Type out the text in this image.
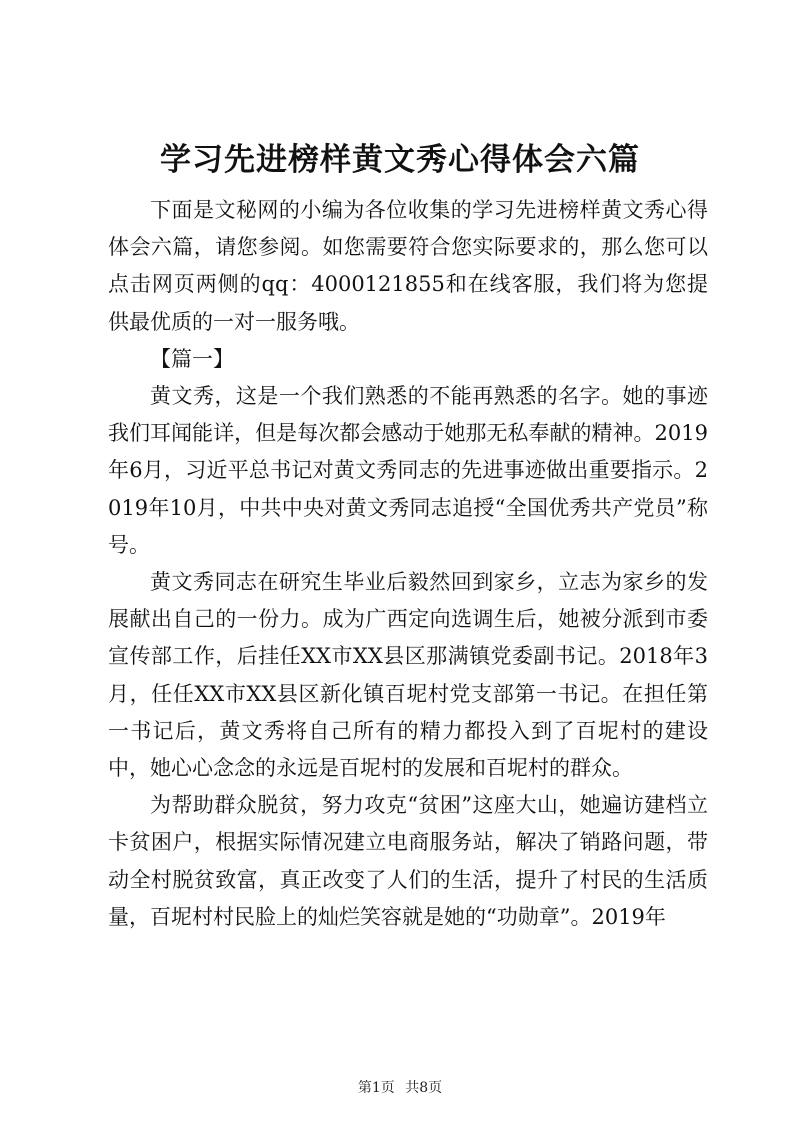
学习先进榜样黄文秀心得体会六篇

下面是文秘网的小编为各位收集的学习先进榜样黄文秀心得体会六篇，请您参阅。如您需要符合您实际要求的，那么您可以点击网页两侧的qq：4000121855和在线客服，我们将为您提供最优质的一对一服务哦。

【篇一】

黄文秀，这是一个我们熟悉的不能再熟悉的名字。她的事迹我们耳闻能详，但是每次都会感动于她那无私奉献的精神。2019年6月，习近平总书记对黄文秀同志的先进事迹做出重要指示。2019年10月，中共中央对黄文秀同志追授“全国优秀共产党员”称号。

黄文秀同志在研究生毕业后毅然回到家乡，立志为家乡的发展献出自己的一份力。成为广西定向选调生后，她被分派到市委宣传部工作，后挂任XX市XX县区那满镇党委副书记。2018年3月，任任XX市XX县区新化镇百坭村党支部第一书记。在担任第一书记后，黄文秀将自己所有的精力都投入到了百坭村的建设中，她心心念念的永远是百坭村的发展和百坭村的群众。

为帮助群众脱贫，努力攻克“贫困”这座大山，她遍访建档立卡贫困户，根据实际情况建立电商服务站，解决了销路问题，带动全村脱贫致富，真正改变了人们的生活，提升了村民的生活质量，百坭村村民脸上的灿烂笑容就是她的“功勋章”。2019年

第1页 共8页
